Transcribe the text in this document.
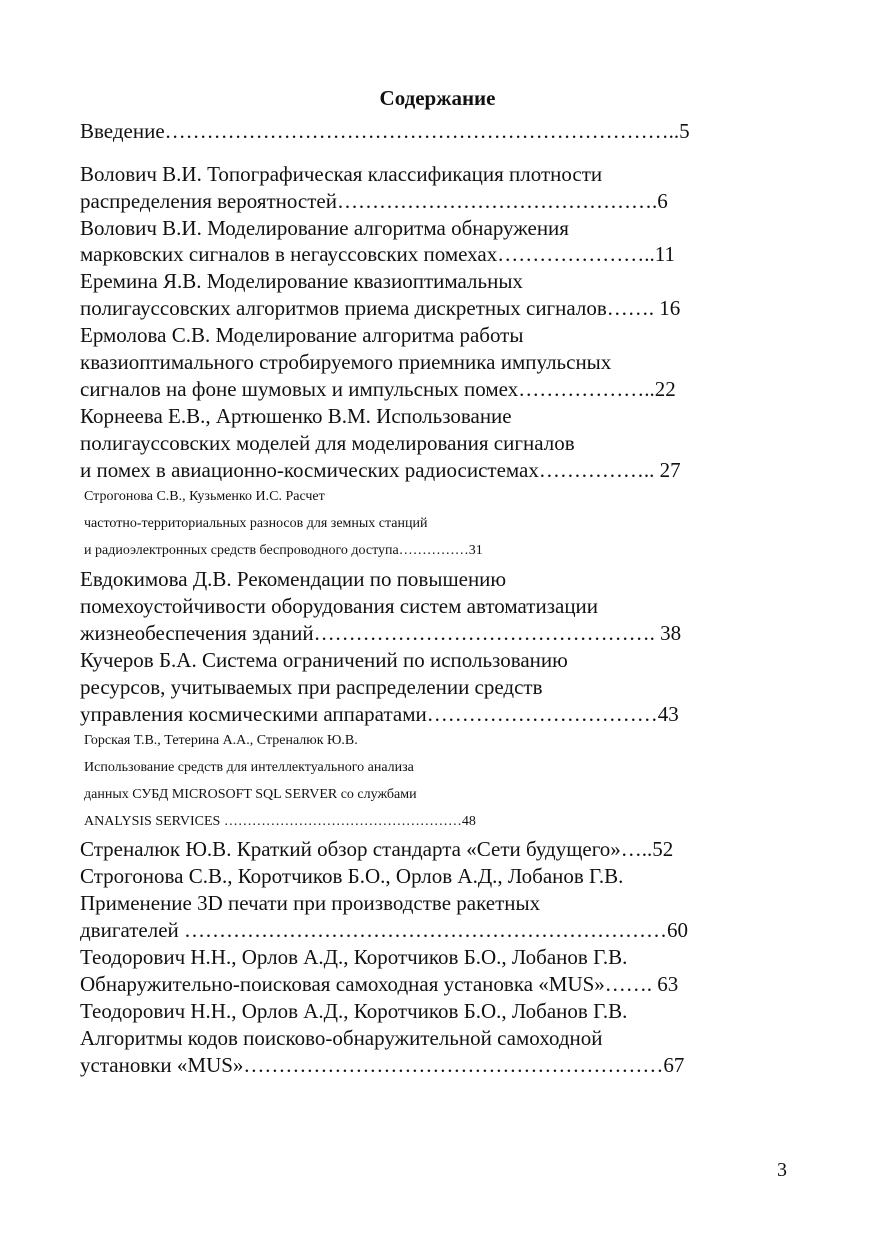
Содержание
Введение………………………………………………………………..5
Волович В.И. Топографическая классификация плотности
распределения вероятностей……………………………………….6
Волович В.И. Моделирование алгоритма обнаружения
марковских сигналов в негауссовских помехах…………………..11
Еремина Я.В. Моделирование квазиоптимальных
полигауссовских алгоритмов приема дискретных сигналов……. 16
Ермолова С.В. Моделирование алгоритма работы
квазиоптимального стробируемого приемника импульсных
сигналов на фоне шумовых и импульсных помех………………..22
Корнеева Е.В., Артюшенко В.М. Использование
полигауссовских моделей для моделирования сигналов
и помех в авиационно-космических радиосистемах…………….. 27
Строгонова С.В., Кузьменко И.С. Расчет
частотно-территориальных разносов для земных станций
и радиоэлектронных средств беспроводного доступа……………31
Евдокимова Д.В. Рекомендации по повышению
помехоустойчивости оборудования систем автоматизации
жизнеобеспечения зданий…………………………………………. 38
Кучеров Б.А. Система ограничений по использованию
ресурсов, учитываемых при распределении средств
управления космическими аппаратами……………………………43
Горская Т.В., Тетерина А.А., Стреналюк Ю.В.
Использование средств для интеллектуального анализа
данных СУБД MICROSOFT SQL SERVER со службами
ANALYSIS SERVICES ……………………………………………48
Стреналюк Ю.В. Краткий обзор стандарта «Сети будущего»…..52
Строгонова С.В., Коротчиков Б.О., Орлов А.Д., Лобанов Г.В.
Применение 3D печати при производстве ракетных
двигателей ……………………………………………………………60
Теодорович Н.Н., Орлов А.Д., Коротчиков Б.О., Лобанов Г.В.
Обнаружительно-поисковая самоходная установка «MUS»……. 63
Теодорович Н.Н., Орлов А.Д., Коротчиков Б.О., Лобанов Г.В.
Алгоритмы кодов поисково-обнаружительной самоходной
установки «MUS»……………………………………………………67
3
